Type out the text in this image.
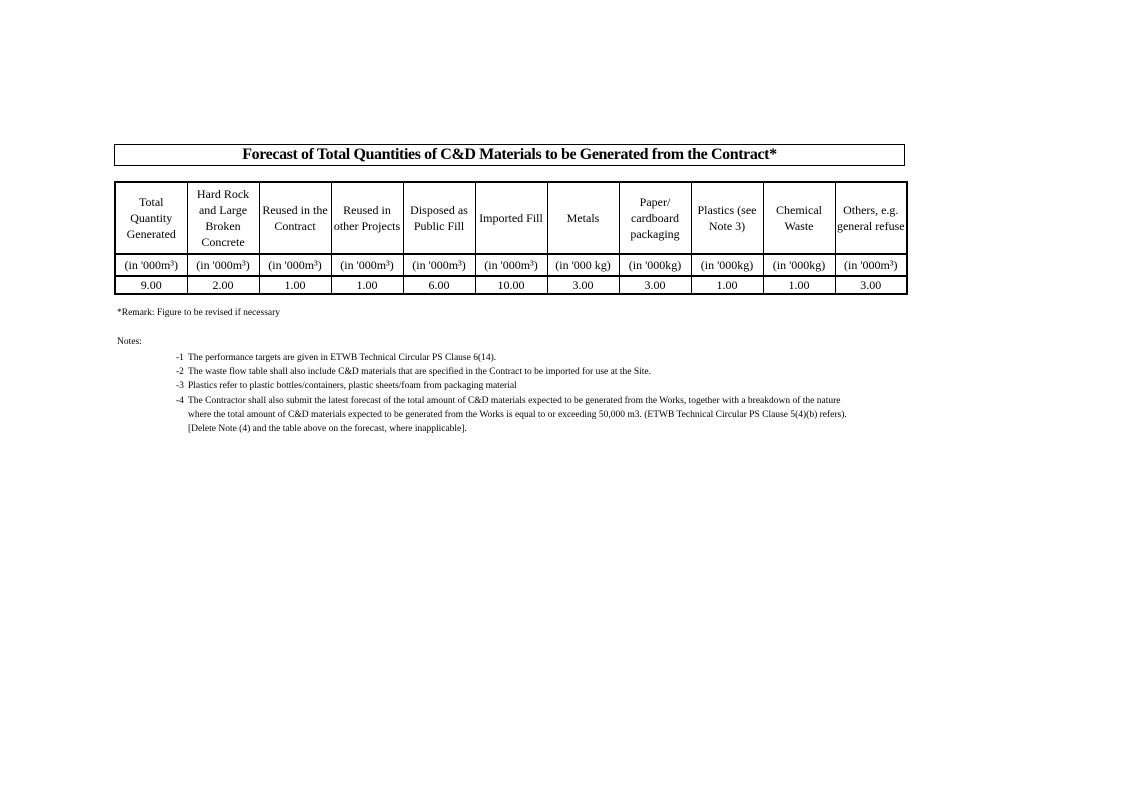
Forecast of Total Quantities of C&D Materials to be Generated from the Contract*
Total Quantity Generated	Hard Rock and Large Broken Concrete	Reused in the Contract	Reused in other Projects	Disposed as Public Fill	Imported Fill	Metals	Paper/ cardboard packaging	Plastics (see Note 3)	Chemical Waste	Others, e.g. general refuse
(in '000m³)	(in '000m³)	(in '000m³)	(in '000m³)	(in '000m³)	(in '000m³)	(in '000 kg)	(in '000kg)	(in '000kg)	(in '000kg)	(in '000m³)
9.00	2.00	1.00	1.00	6.00	10.00	3.00	3.00	1.00	1.00	3.00
*Remark: Figure to be revised if necessary
Notes:
-1 The performance targets are given in ETWB Technical Circular PS Clause 6(14).
-2 The waste flow table shall also include C&D materials that are specified in the Contract to be imported for use at the Site.
-3 Plastics refer to plastic bottles/containers, plastic sheets/foam from packaging material
-4 The Contractor shall also submit the latest forecast of the total amount of C&D materials expected to be generated from the Works, together with a breakdown of the nature
where the total amount of C&D materials expected to be generated from the Works is equal to or exceeding 50,000 m3. (ETWB Technical Circular PS Clause 5(4)(b) refers).
[Delete Note (4) and the table above on the forecast, where inapplicable].
